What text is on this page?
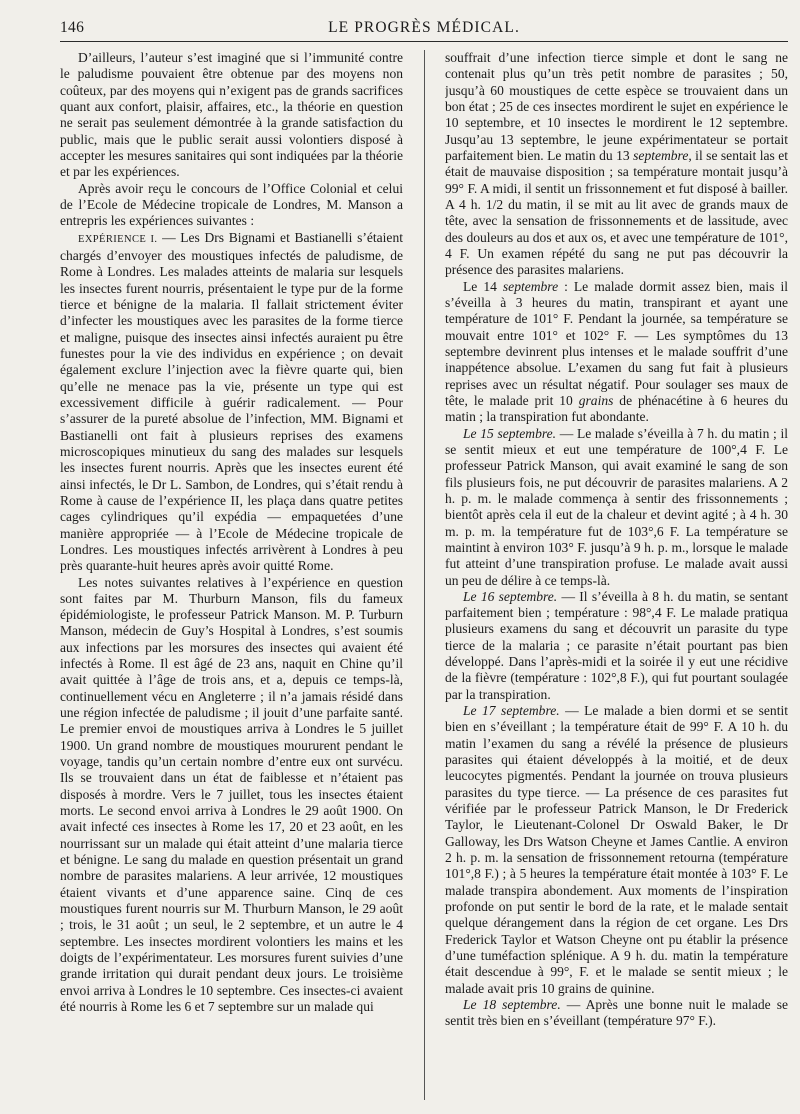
146	LE PROGRÈS MÉDICAL.

D’ailleurs, l’auteur s’est imaginé que si l’immunité contre le paludisme pouvaient être obtenue par des moyens non coûteux, par des moyens qui n’exigent pas de grands sacrifices quant aux confort, plaisir, affaires, etc., la théorie en question ne serait pas seulement démontrée à la grande satisfaction du public, mais que le public serait aussi volontiers disposé à accepter les mesures sanitaires qui sont indiquées par la théorie et par les expériences.

Après avoir reçu le concours de l’Office Colonial et celui de l’Ecole de Médecine tropicale de Londres, M. Manson a entrepris les expériences suivantes :

EXPÉRIENCE I. — Les Drs Bignami et Bastianelli s’étaient chargés d’envoyer des moustiques infectés de paludisme, de Rome à Londres. Les malades atteints de malaria sur lesquels les insectes furent nourris, présentaient le type pur de la forme tierce et bénigne de la malaria. Il fallait strictement éviter d’infecter les moustiques avec les parasites de la forme tierce et maligne, puisque des insectes ainsi infectés auraient pu être funestes pour la vie des individus en expérience ; on devait également exclure l’injection avec la fièvre quarte qui, bien qu’elle ne menace pas la vie, présente un type qui est excessivement difficile à guérir radicalement. — Pour s’assurer de la pureté absolue de l’infection, MM. Bignami et Bastianelli ont fait à plusieurs reprises des examens microscopiques minutieux du sang des malades sur lesquels les insectes furent nourris. Après que les insectes eurent été ainsi infectés, le Dr L. Sambon, de Londres, qui s’était rendu à Rome à cause de l’expérience II, les plaça dans quatre petites cages cylindriques qu’il expédia — empaquetées d’une manière appropriée — à l’Ecole de Médecine tropicale de Londres. Les moustiques infectés arrivèrent à Londres à peu près quarante-huit heures après avoir quitté Rome.

Les notes suivantes relatives à l’expérience en question sont faites par M. Thurburn Manson, fils du fameux épidémiologiste, le professeur Patrick Manson. M. P. Turburn Manson, médecin de Guy’s Hospital à Londres, s’est soumis aux infections par les morsures des insectes qui avaient été infectés à Rome. Il est âgé de 23 ans, naquit en Chine qu’il avait quittée à l’âge de trois ans, et a, depuis ce temps-là, continuellement vécu en Angleterre ; il n’a jamais résidé dans une région infectée de paludisme ; il jouit d’une parfaite santé. Le premier envoi de moustiques arriva à Londres le 5 juillet 1900. Un grand nombre de moustiques moururent pendant le voyage, tandis qu’un certain nombre d’entre eux ont survécu. Ils se trouvaient dans un état de faiblesse et n’étaient pas disposés à mordre. Vers le 7 juillet, tous les insectes étaient morts. Le second envoi arriva à Londres le 29 août 1900. On avait infecté ces insectes à Rome les 17, 20 et 23 août, en les nourrissant sur un malade qui était atteint d’une malaria tierce et bénigne. Le sang du malade en question présentait un grand nombre de parasites malariens. A leur arrivée, 12 moustiques étaient vivants et d’une apparence saine. Cinq de ces moustiques furent nourris sur M. Thurburn Manson, le 29 août ; trois, le 31 août ; un seul, le 2 septembre, et un autre le 4 septembre. Les insectes mordirent volontiers les mains et les doigts de l’expérimentateur. Les morsures furent suivies d’une grande irritation qui durait pendant deux jours. Le troisième envoi arriva à Londres le 10 septembre. Ces insectes-ci avaient été nourris à Rome les 6 et 7 septembre sur un malade qui

souffrait d’une infection tierce simple et dont le sang ne contenait plus qu’un très petit nombre de parasites ; 50, jusqu’à 60 moustiques de cette espèce se trouvaient dans un bon état ; 25 de ces insectes mordirent le sujet en expérience le 10 septembre, et 10 insectes le mordirent le 12 septembre. Jusqu’au 13 septembre, le jeune expérimentateur se portait parfaitement bien. Le matin du 13 septembre, il se sentait las et était de mauvaise disposition ; sa température montait jusqu’à 99° F. A midi, il sentit un frissonnement et fut disposé à bailler. A 4 h. 1/2 du matin, il se mit au lit avec de grands maux de tête, avec la sensation de frissonnements et de lassitude, avec des douleurs au dos et aux os, et avec une température de 101°, 4 F. Un examen répété du sang ne put pas découvrir la présence des parasites malariens.

Le 14 septembre : Le malade dormit assez bien, mais il s’éveilla à 3 heures du matin, transpirant et ayant une température de 101° F. Pendant la journée, sa température se mouvait entre 101° et 102° F. — Les symptômes du 13 septembre devinrent plus intenses et le malade souffrit d’une inappétence absolue. L’examen du sang fut fait à plusieurs reprises avec un résultat négatif. Pour soulager ses maux de tête, le malade prit 10 grains de phénacétine à 6 heures du matin ; la transpiration fut abondante.

Le 15 septembre. — Le malade s’éveilla à 7 h. du matin ; il se sentit mieux et eut une température de 100°,4 F. Le professeur Patrick Manson, qui avait examiné le sang de son fils plusieurs fois, ne put découvrir de parasites malariens. A 2 h. p. m. le malade commença à sentir des frissonnements ; bientôt après cela il eut de la chaleur et devint agité ; à 4 h. 30 m. p. m. la température fut de 103°,6 F. La température se maintint à environ 103° F. jusqu’à 9 h. p. m., lorsque le malade fut atteint d’une transpiration profuse. Le malade avait aussi un peu de délire à ce temps-là.

Le 16 septembre. — Il s’éveilla à 8 h. du matin, se sentant parfaitement bien ; température : 98°,4 F. Le malade pratiqua plusieurs examens du sang et découvrit un parasite du type tierce de la malaria ; ce parasite n’était pourtant pas bien développé. Dans l’après-midi et la soirée il y eut une récidive de la fièvre (température : 102°,8 F.), qui fut pourtant soulagée par la transpiration.

Le 17 septembre. — Le malade a bien dormi et se sentit bien en s’éveillant ; la température était de 99° F. A 10 h. du matin l’examen du sang a révélé la présence de plusieurs parasites qui étaient développés à la moitié, et de deux leucocytes pigmentés. Pendant la journée on trouva plusieurs parasites du type tierce. — La présence de ces parasites fut vérifiée par le professeur Patrick Manson, le Dr Frederick Taylor, le Lieutenant-Colonel Dr Oswald Baker, le Dr Galloway, les Drs Watson Cheyne et James Cantlie. A environ 2 h. p. m. la sensation de frissonnement retourna (température 101°,8 F.) ; à 5 heures la température était montée à 103° F. Le malade transpira abondement. Aux moments de l’inspiration profonde on put sentir le bord de la rate, et le malade sentait quelque dérangement dans la région de cet organe. Les Drs Frederick Taylor et Watson Cheyne ont pu établir la présence d’une tuméfaction splénique. A 9 h. du. matin la température était descendue à 99°, F. et le malade se sentit mieux ; le malade avait pris 10 grains de quinine.

Le 18 septembre. — Après une bonne nuit le malade se sentit très bien en s’éveillant (température 97° F.).
